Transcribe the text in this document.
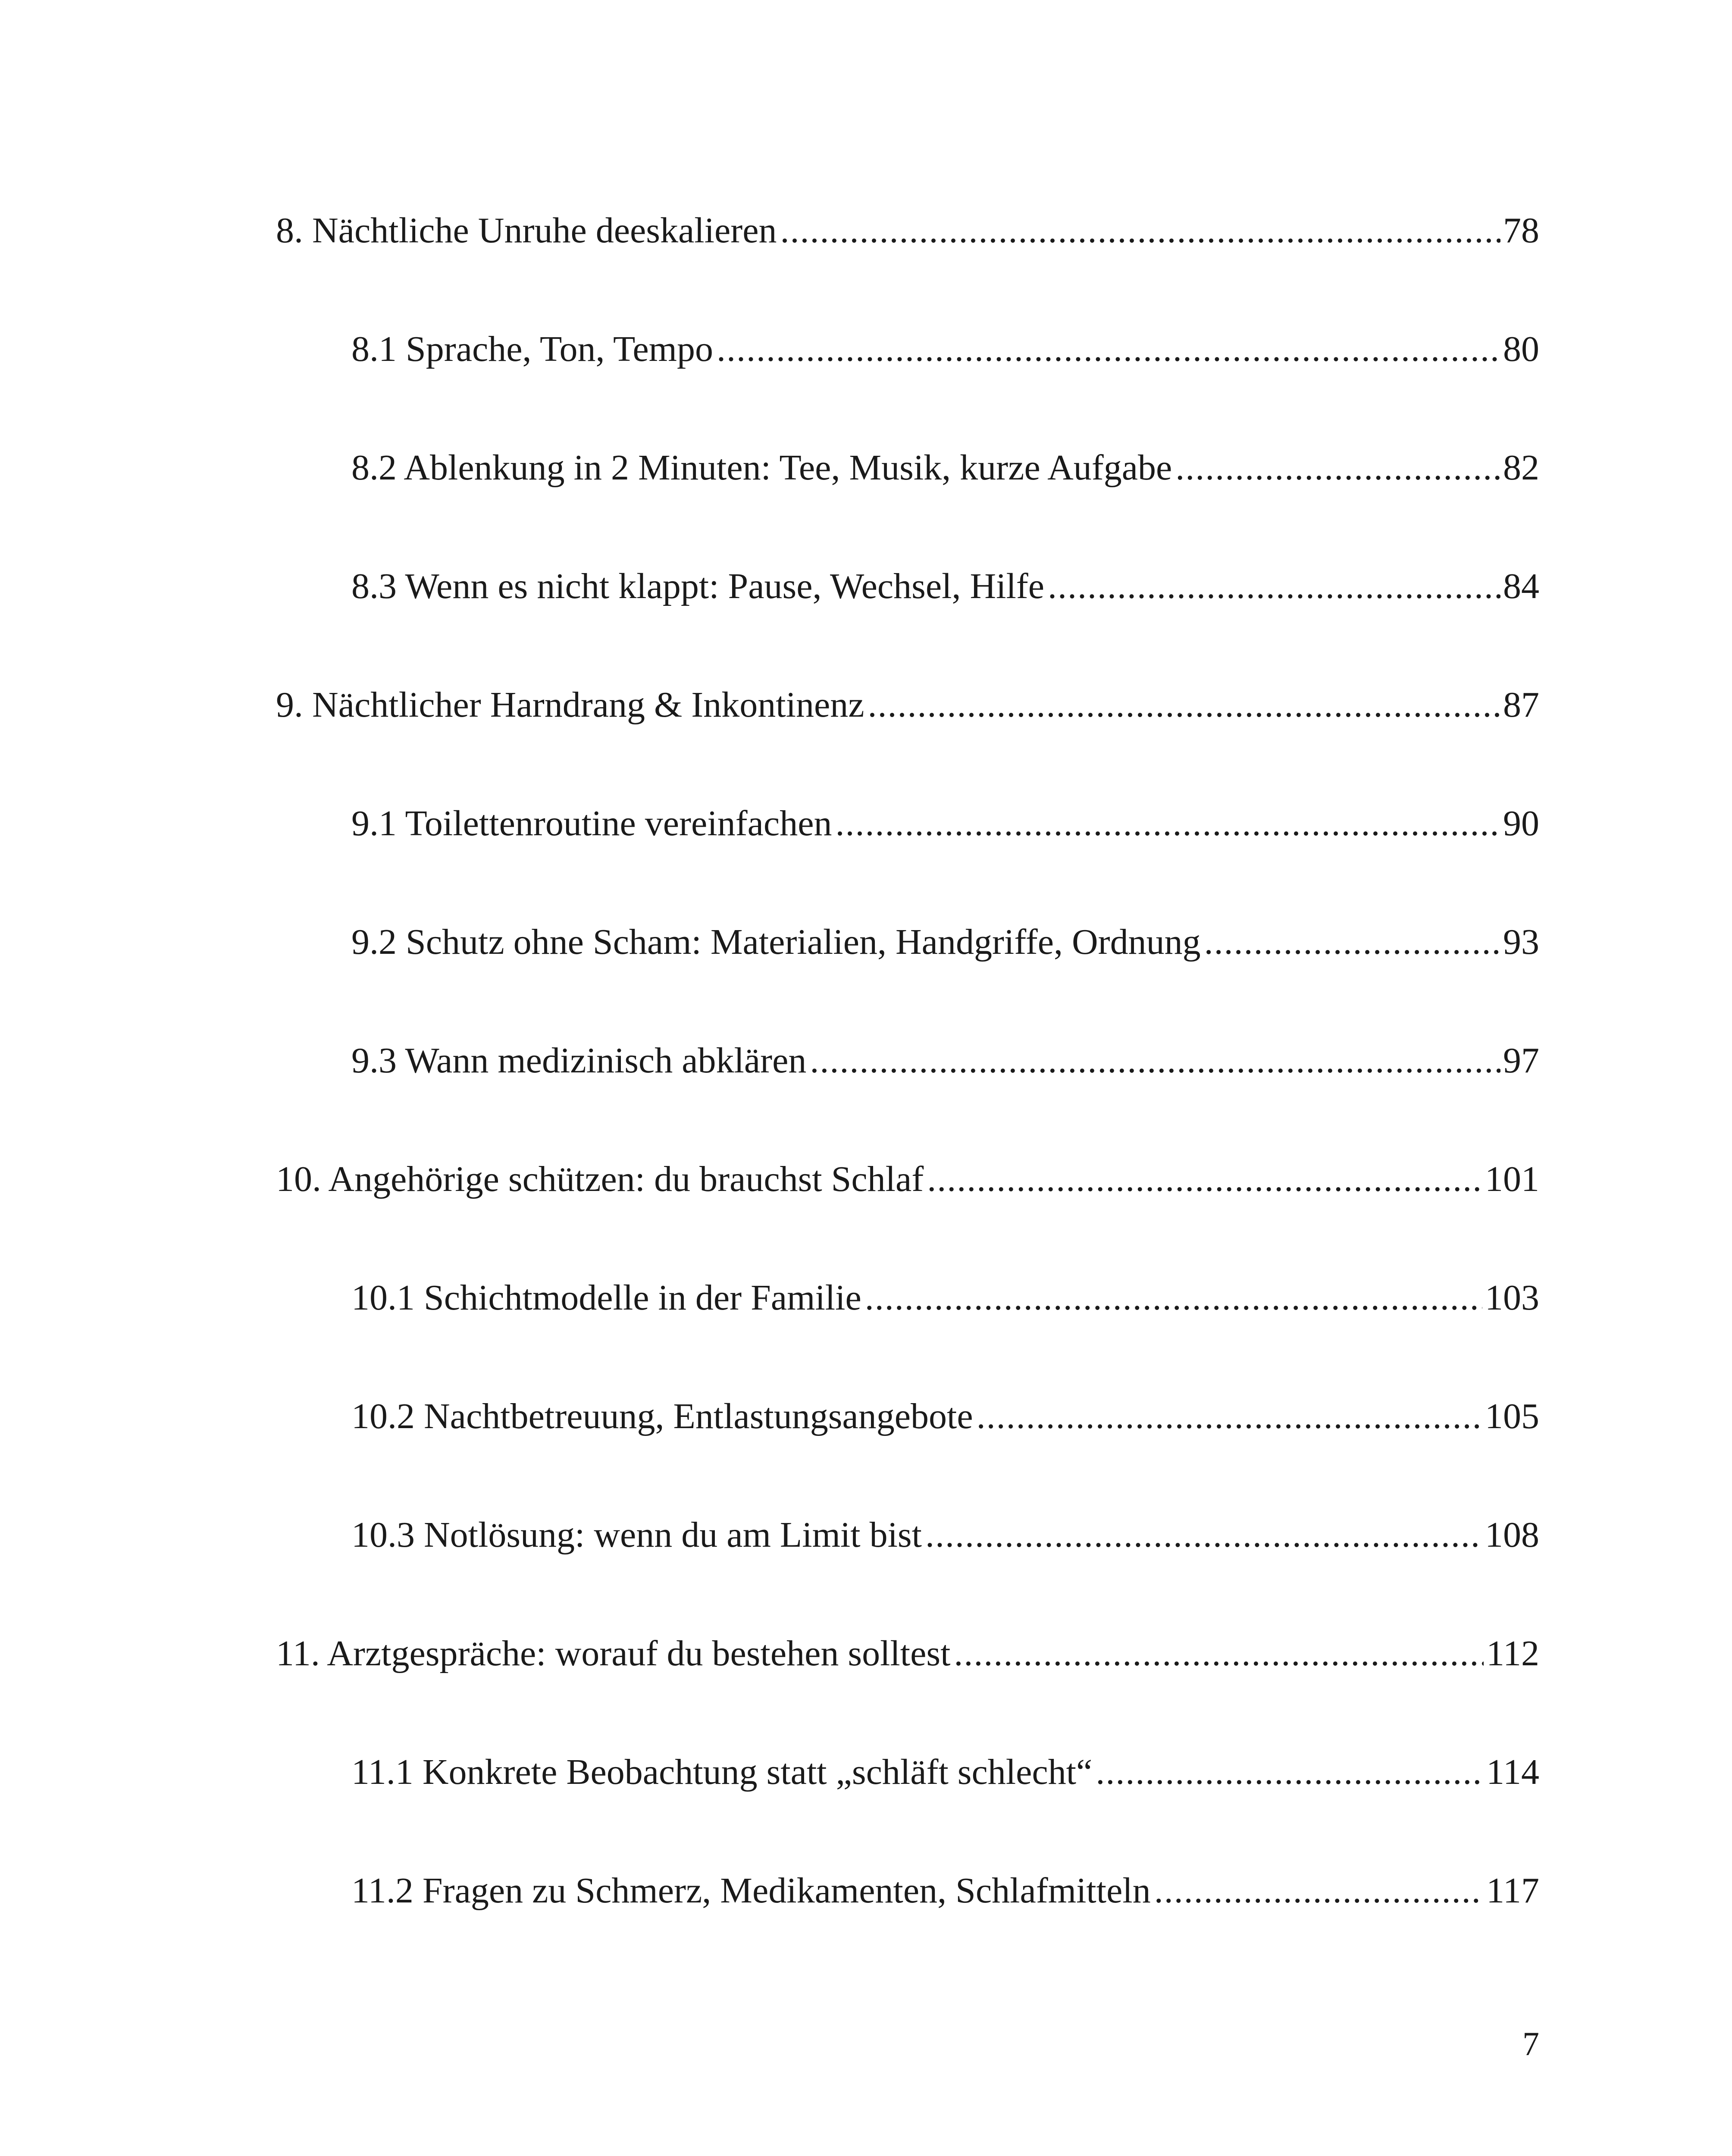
8. Nächtliche Unruhe deeskalieren .....	78
8.1 Sprache, Ton, Tempo .....	80
8.2 Ablenkung in 2 Minuten: Tee, Musik, kurze Aufgabe .....	82
8.3 Wenn es nicht klappt: Pause, Wechsel, Hilfe .....	84
9. Nächtlicher Harndrang & Inkontinenz .....	87
9.1 Toilettenroutine vereinfachen .....	90
9.2 Schutz ohne Scham: Materialien, Handgriffe, Ordnung .....	93
9.3 Wann medizinisch abklären .....	97
10. Angehörige schützen: du brauchst Schlaf .....	101
10.1 Schichtmodelle in der Familie .....	103
10.2 Nachtbetreuung, Entlastungsangebote .....	105
10.3 Notlösung: wenn du am Limit bist .....	108
11. Arztgespräche: worauf du bestehen solltest .....	112
11.1 Konkrete Beobachtung statt „schläft schlecht“ .....	114
11.2 Fragen zu Schmerz, Medikamenten, Schlafmitteln .....	117
7
